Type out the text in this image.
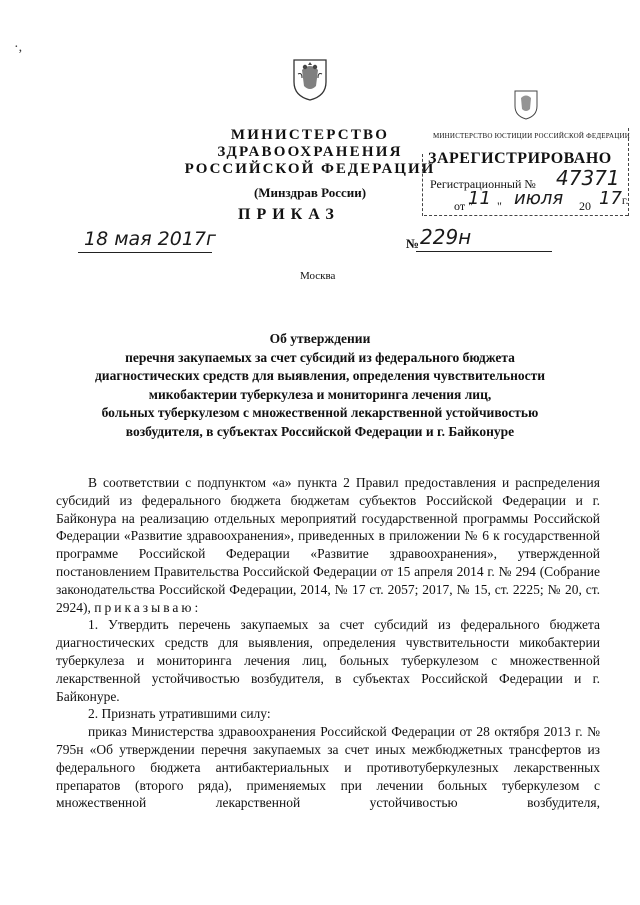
·,
МИНИСТЕРСТВО ЗДРАВООХРАНЕНИЯ
РОССИЙСКОЙ ФЕДЕРАЦИИ
(Минздрав России)
ПРИКАЗ
18 мая 2017г	№ 229н
Москва
МИНИСТЕРСТВО ЮСТИЦИИ РОССИЙСКОЙ ФЕДЕРАЦИИ
ЗАРЕГИСТРИРОВАНО
Регистрационный № 47371
от " "
11 июля 20 17г.
Об утверждении
перечня закупаемых за счет субсидий из федерального бюджета
диагностических средств для выявления, определения чувствительности
микобактерии туберкулеза и мониторинга лечения лиц,
больных туберкулезом с множественной лекарственной устойчивостью
возбудителя, в субъектах Российской Федерации и г. Байконуре
В соответствии с подпунктом «а» пункта 2 Правил предоставления и распределения субсидий из федерального бюджета бюджетам субъектов Российской Федерации и г. Байконура на реализацию отдельных мероприятий государственной программы Российской Федерации «Развитие здравоохранения», приведенных в приложении № 6 к государственной программе Российской Федерации «Развитие здравоохранения», утвержденной постановлением Правительства Российской Федерации от 15 апреля 2014 г. № 294 (Собрание законодательства Российской Федерации, 2014, № 17 ст. 2057; 2017, № 15, ст. 2225; № 20, ст. 2924), приказываю:
1. Утвердить перечень закупаемых за счет субсидий из федерального бюджета диагностических средств для выявления, определения чувствительности микобактерии туберкулеза и мониторинга лечения лиц, больных туберкулезом с множественной лекарственной устойчивостью возбудителя, в субъектах Российской Федерации и г. Байконуре.
2. Признать утратившими силу:
приказ Министерства здравоохранения Российской Федерации от 28 октября 2013 г. № 795н «Об утверждении перечня закупаемых за счет иных межбюджетных трансфертов из федерального бюджета антибактериальных и противотуберкулезных лекарственных препаратов (второго ряда), применяемых при лечении больных туберкулезом с множественной лекарственной устойчивостью возбудителя,
